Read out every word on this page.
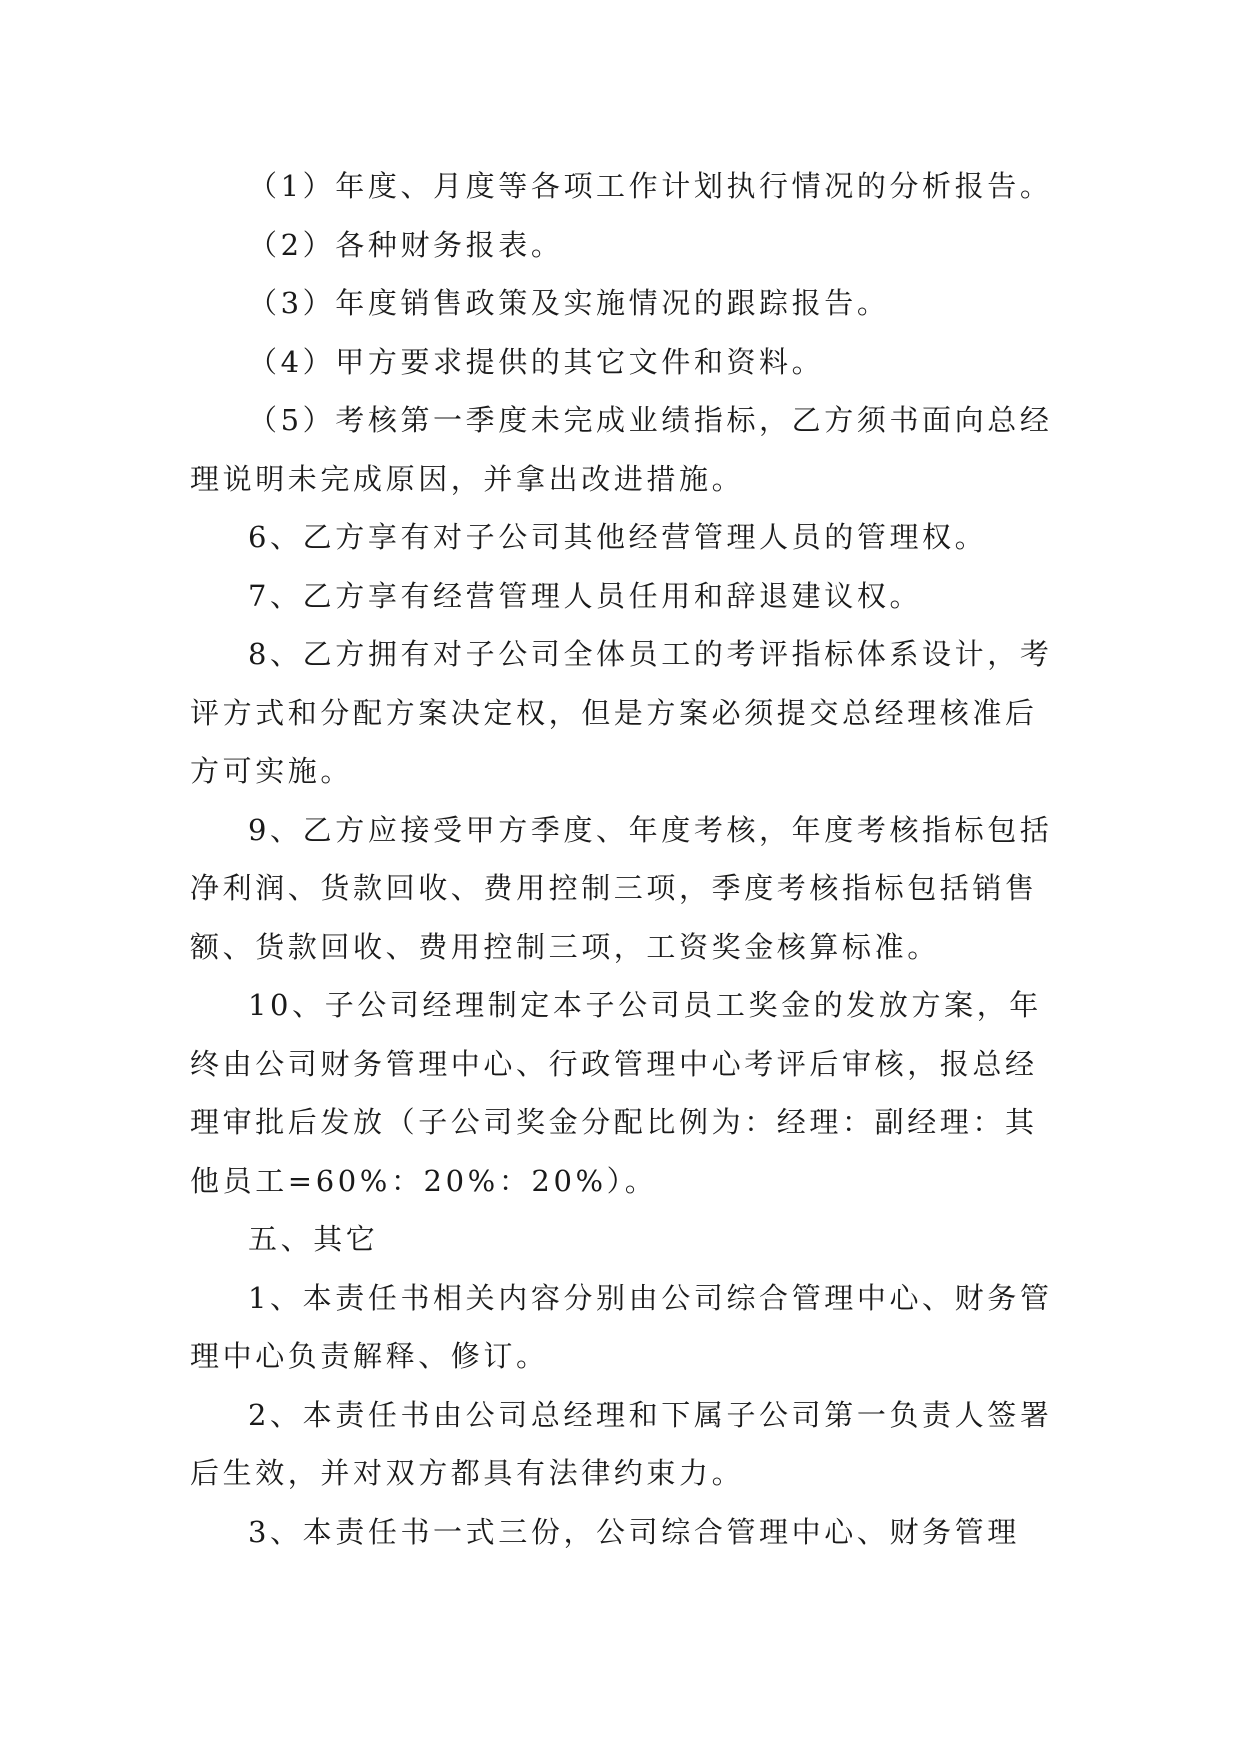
（1）年度、月度等各项工作计划执行情况的分析报告。

（2）各种财务报表。

（3）年度销售政策及实施情况的跟踪报告。

（4）甲方要求提供的其它文件和资料。

（5）考核第一季度未完成业绩指标，乙方须书面向总经理说明未完成原因，并拿出改进措施。

6、乙方享有对子公司其他经营管理人员的管理权。

7、乙方享有经营管理人员任用和辞退建议权。

8、乙方拥有对子公司全体员工的考评指标体系设计，考评方式和分配方案决定权，但是方案必须提交总经理核准后方可实施。

9、乙方应接受甲方季度、年度考核，年度考核指标包括净利润、货款回收、费用控制三项，季度考核指标包括销售额、货款回收、费用控制三项，工资奖金核算标准。

10、子公司经理制定本子公司员工奖金的发放方案，年终由公司财务管理中心、行政管理中心考评后审核，报总经理审批后发放（子公司奖金分配比例为：经理：副经理：其他员工=60%：20%：20%）。

五、其它

1、本责任书相关内容分别由公司综合管理中心、财务管理中心负责解释、修订。

2、本责任书由公司总经理和下属子公司第一负责人签署后生效，并对双方都具有法律约束力。

3、本责任书一式三份，公司综合管理中心、财务管理
